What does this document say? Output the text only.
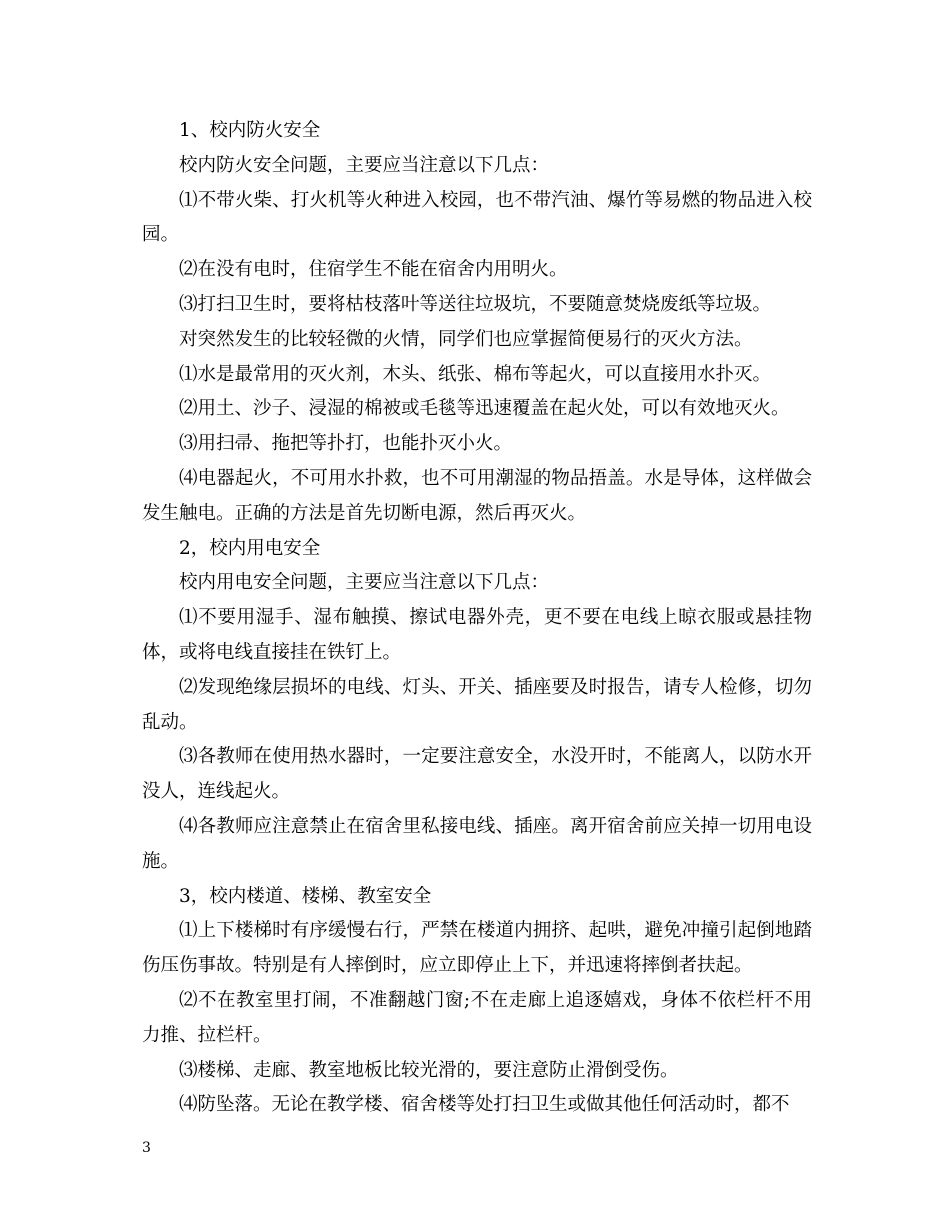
1、校内防火安全

校内防火安全问题，主要应当注意以下几点：

⑴不带火柴、打火机等火种进入校园，也不带汽油、爆竹等易燃的物品进入校园。

⑵在没有电时，住宿学生不能在宿舍内用明火。

⑶打扫卫生时，要将枯枝落叶等送往垃圾坑，不要随意焚烧废纸等垃圾。

对突然发生的比较轻微的火情，同学们也应掌握简便易行的灭火方法。

⑴水是最常用的灭火剂，木头、纸张、棉布等起火，可以直接用水扑灭。

⑵用土、沙子、浸湿的棉被或毛毯等迅速覆盖在起火处，可以有效地灭火。

⑶用扫帚、拖把等扑打，也能扑灭小火。

⑷电器起火，不可用水扑救，也不可用潮湿的物品捂盖。水是导体，这样做会发生触电。正确的方法是首先切断电源，然后再灭火。

2，校内用电安全

校内用电安全问题，主要应当注意以下几点：

⑴不要用湿手、湿布触摸、擦试电器外壳，更不要在电线上晾衣服或悬挂物体，或将电线直接挂在铁钉上。

⑵发现绝缘层损坏的电线、灯头、开关、插座要及时报告，请专人检修，切勿乱动。

⑶各教师在使用热水器时，一定要注意安全，水没开时，不能离人，以防水开没人，连线起火。

⑷各教师应注意禁止在宿舍里私接电线、插座。离开宿舍前应关掉一切用电设施。

3，校内楼道、楼梯、教室安全

⑴上下楼梯时有序缓慢右行，严禁在楼道内拥挤、起哄，避免冲撞引起倒地踏伤压伤事故。特别是有人摔倒时，应立即停止上下，并迅速将摔倒者扶起。

⑵不在教室里打闹，不准翻越门窗;不在走廊上追逐嬉戏，身体不依栏杆不用力推、拉栏杆。

⑶楼梯、走廊、教室地板比较光滑的，要注意防止滑倒受伤。

⑷防坠落。无论在教学楼、宿舍楼等处打扫卫生或做其他任何活动时，都不

3
